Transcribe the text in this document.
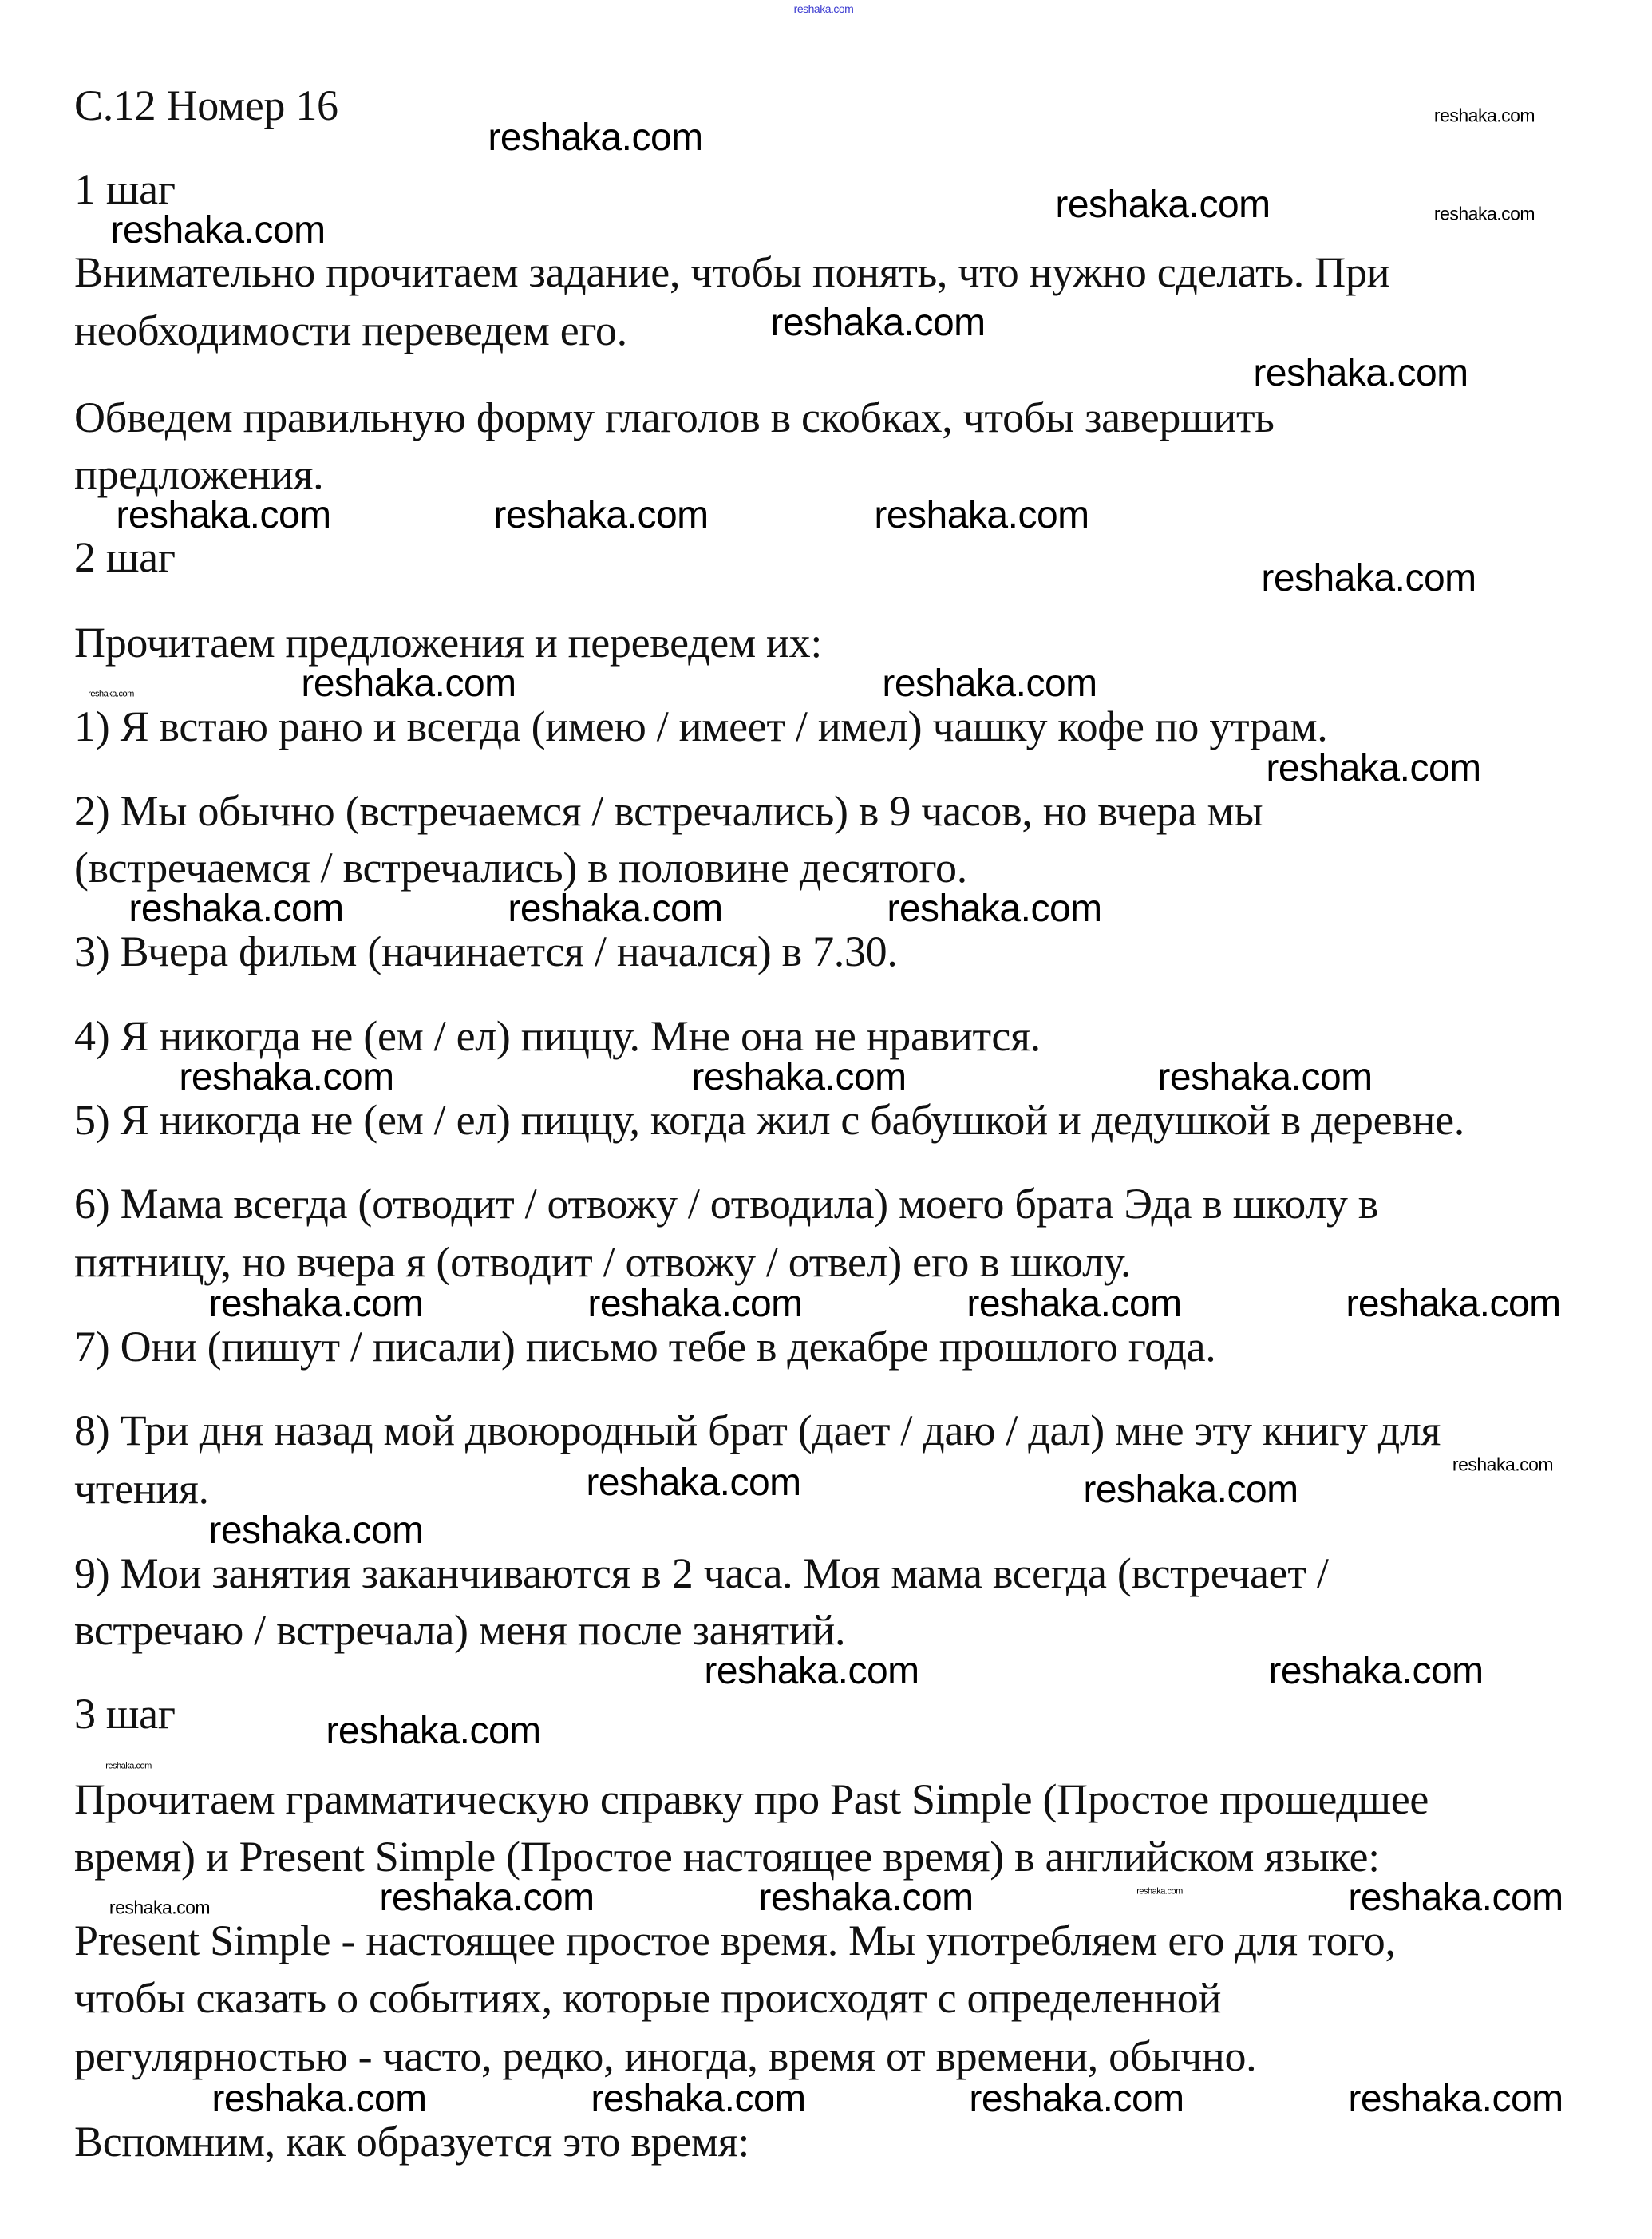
С.12 Номер 16
1 шаг
Внимательно прочитаем задание, чтобы понять, что нужно сделать. При
необходимости переведем его.
Обведем правильную форму глаголов в скобках, чтобы завершить
предложения.
2 шаг
Прочитаем предложения и переведем их:
1) Я встаю рано и всегда (имею / имеет / имел) чашку кофе по утрам.
2) Мы обычно (встречаемся / встречались) в 9 часов, но вчера мы
(встречаемся / встречались) в половине десятого.
3) Вчера фильм (начинается / начался) в 7.30.
4) Я никогда не (ем / ел) пиццу. Мне она не нравится.
5) Я никогда не (ем / ел) пиццу, когда жил с бабушкой и дедушкой в деревне.
6) Мама всегда (отводит / отвожу / отводила) моего брата Эда в школу в
пятницу, но вчера я (отводит / отвожу / отвел) его в школу.
7) Они (пишут / писали) письмо тебе в декабре прошлого года.
8) Три дня назад мой двоюродный брат (дает / даю / дал) мне эту книгу для
чтения.
9) Мои занятия заканчиваются в 2 часа. Моя мама всегда (встречает /
встречаю / встречала) меня после занятий.
3 шаг
Прочитаем грамматическую справку про Past Simple (Простое прошедшее
время) и Present Simple (Простое настоящее время) в английском языке:
Present Simple - настоящее простое время. Мы употребляем его для того,
чтобы сказать о событиях, которые происходят с определенной
регулярностью - часто, редко, иногда, время от времени, обычно.
Вспомним, как образуется это время:
reshaka.com
reshaka.com
reshaka.com
reshaka.com	reshaka.com
reshaka.com
reshaka.com
reshaka.com
reshaka.com	reshaka.com	reshaka.com
reshaka.com
reshaka.com	reshaka.com	reshaka.com
reshaka.com
reshaka.com	reshaka.com	reshaka.com
reshaka.com	reshaka.com	reshaka.com
reshaka.com
reshaka.com	reshaka.com	reshaka.com
reshaka.com	reshaka.com
reshaka.com
reshaka.com
reshaka.com	reshaka.com
reshaka.com
reshaka.com
reshaka.com	reshaka.com	reshaka.com
reshaka.com	reshaka.com
reshaka.com	reshaka.com	reshaka.com	reshaka.com
